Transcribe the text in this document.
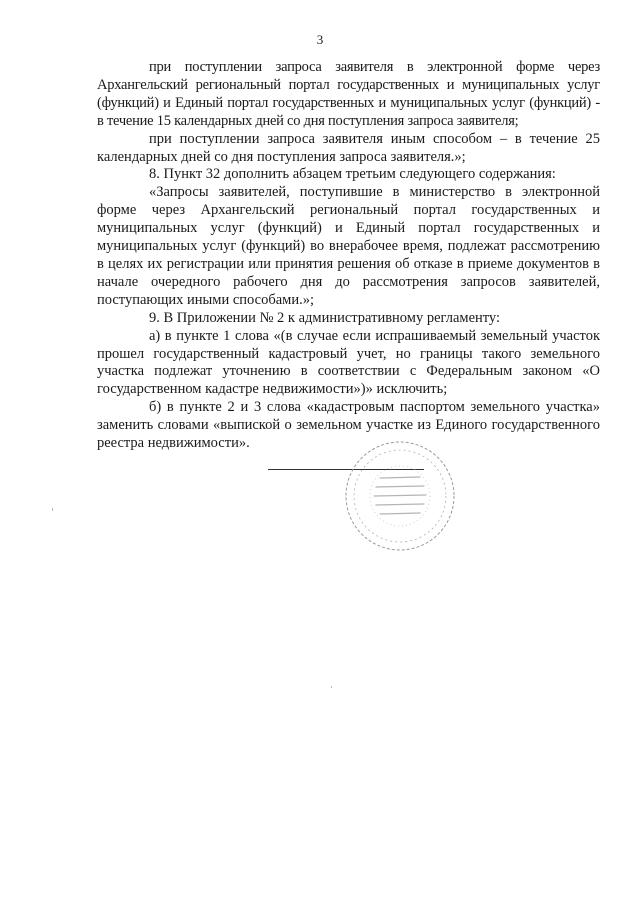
3

при поступлении запроса заявителя в электронной форме через Архангельский региональный портал государственных и муниципальных услуг (функций) и Единый портал государственных и муниципальных услуг (функций) - в течение 15 календарных дней со дня поступления запроса заявителя;

при поступлении запроса заявителя иным способом – в течение 25 календарных дней со дня поступления запроса заявителя.»;

8. Пункт 32 дополнить абзацем третьим следующего содержания:

«Запросы заявителей, поступившие в министерство в электронной форме через Архангельский региональный портал государственных и муниципальных услуг (функций) и Единый портал государственных и муниципальных услуг (функций) во внерабочее время, подлежат рассмотрению в целях их регистрации или принятия решения об отказе в приеме документов в начале очередного рабочего дня до рассмотрения запросов заявителей, поступающих иными способами.»;

9. В Приложении № 2 к административному регламенту:

а) в пункте 1 слова «(в случае если испрашиваемый земельный участок прошел государственный кадастровый учет, но границы такого земельного участка подлежат уточнению в соответствии с Федеральным законом «О государственном кадастре недвижимости»)» исключить;

б) в пункте 2 и 3 слова «кадастровым паспортом земельного участка» заменить словами «выпиской о земельном участке из Единого государственного реестра недвижимости».
